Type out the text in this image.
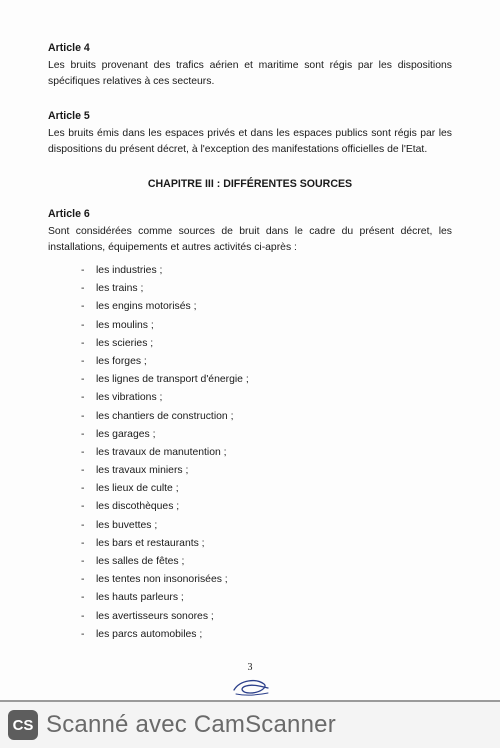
Article 4

Les bruits provenant des trafics aérien et maritime sont régis par les dispositions spécifiques relatives à ces secteurs.

Article 5

Les bruits émis dans les espaces privés et dans les espaces publics sont régis par les dispositions du présent décret, à l'exception des manifestations officielles de l'Etat.

CHAPITRE III : DIFFÉRENTES SOURCES

Article 6

Sont considérées comme sources de bruit dans le cadre du présent décret, les installations, équipements et autres activités ci-après :

- les industries ;
- les trains ;
- les engins motorisés ;
- les moulins ;
- les scieries ;
- les forges ;
- les lignes de transport d'énergie ;
- les vibrations ;
- les chantiers de construction ;
- les garages ;
- les travaux de manutention ;
- les travaux miniers ;
- les lieux de culte ;
- les discothèques ;
- les buvettes ;
- les bars et restaurants ;
- les salles de fêtes ;
- les tentes non insonorisées ;
- les hauts parleurs ;
- les avertisseurs sonores ;
- les parcs automobiles ;
3
CS Scanné avec CamScanner
